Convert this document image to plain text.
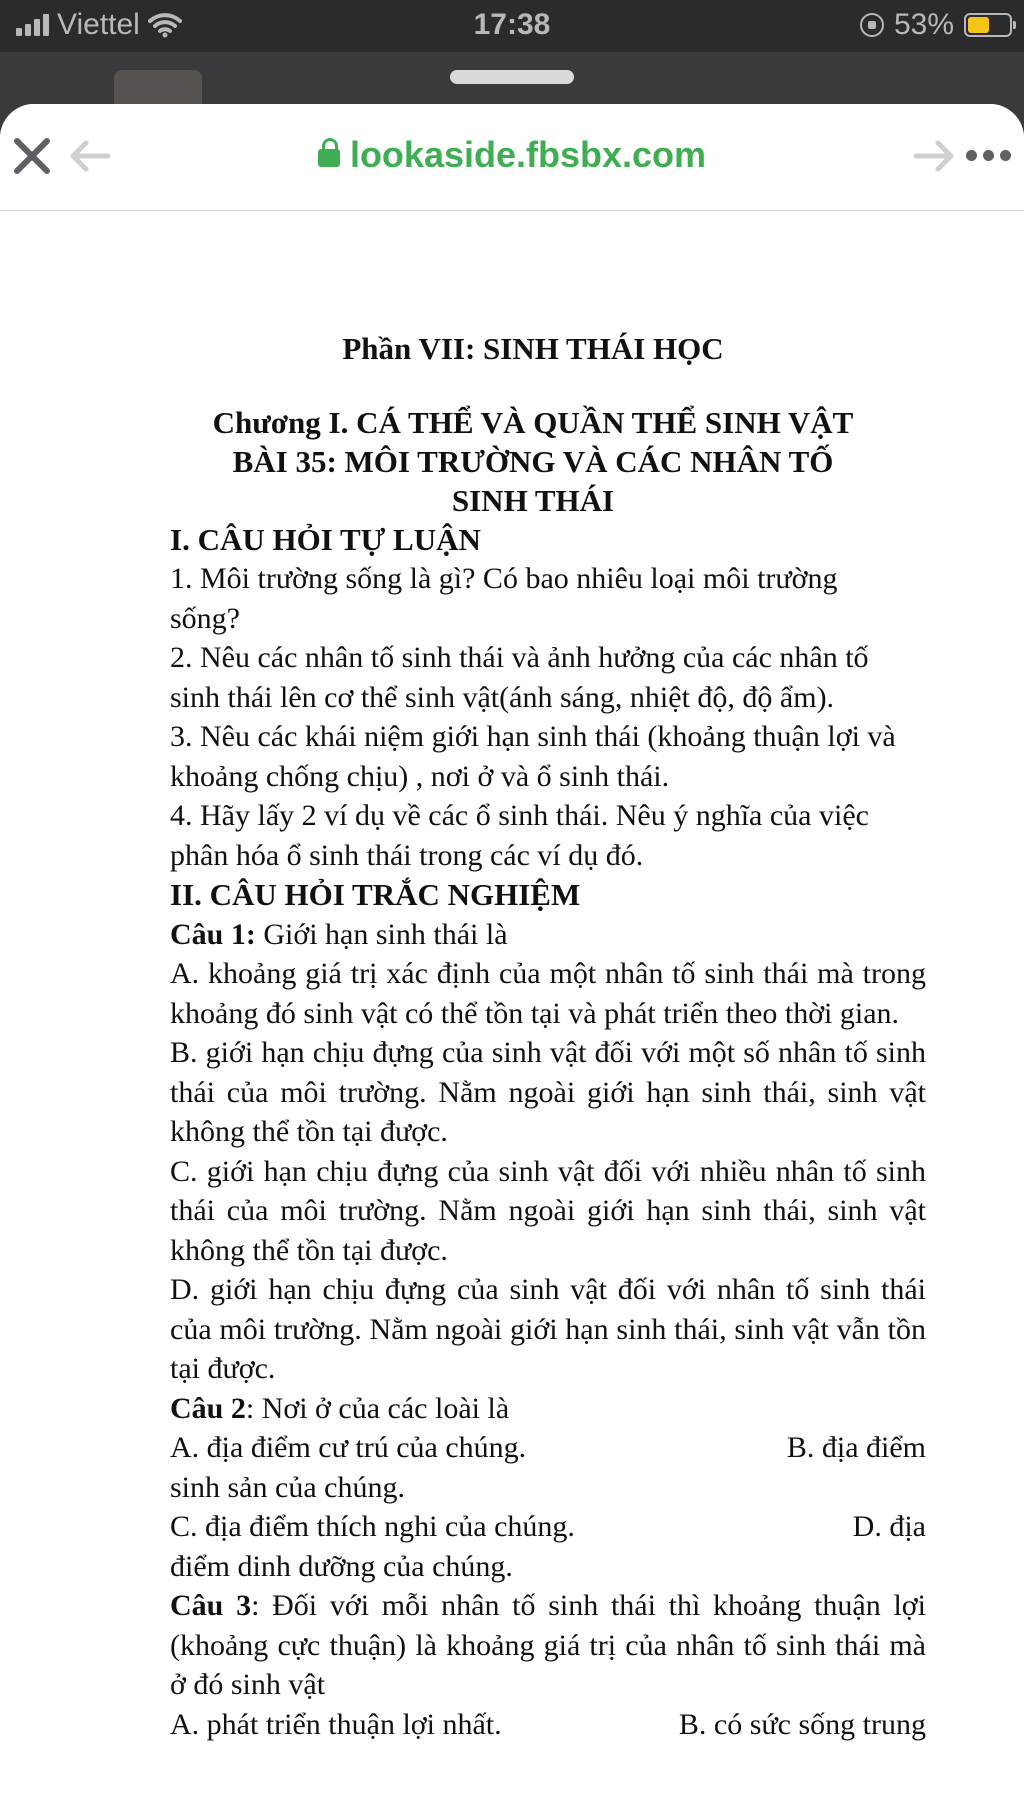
Viettel	17:38	53%
lookaside.fbsbx.com

Phần VII: SINH THÁI HỌC

Chương I. CÁ THỂ VÀ QUẦN THỂ SINH VẬT

BÀI 35: MÔI TRƯỜNG VÀ CÁC NHÂN TỐ

SINH THÁI

I. CÂU HỎI TỰ LUẬN

1. Môi trường sống là gì? Có bao nhiêu loại môi trường sống?

2. Nêu các nhân tố sinh thái và ảnh hưởng của các nhân tố sinh thái lên cơ thể sinh vật(ánh sáng, nhiệt độ, độ ẩm).

3. Nêu các khái niệm giới hạn sinh thái (khoảng thuận lợi và khoảng chống chịu) , nơi ở và ổ sinh thái.

4. Hãy lấy 2 ví dụ về các ổ sinh thái. Nêu ý nghĩa của việc phân hóa ổ sinh thái trong các ví dụ đó.

II. CÂU HỎI TRẮC NGHIỆM

Câu 1: Giới hạn sinh thái là

A. khoảng giá trị xác định của một nhân tố sinh thái mà trong khoảng đó sinh vật có thể tồn tại và phát triển theo thời gian.

B. giới hạn chịu đựng của sinh vật đối với một số nhân tố sinh thái của môi trường. Nằm ngoài giới hạn sinh thái, sinh vật không thể tồn tại được.

C. giới hạn chịu đựng của sinh vật đối với nhiều nhân tố sinh thái của môi trường. Nằm ngoài giới hạn sinh thái, sinh vật không thể tồn tại được.

D. giới hạn chịu đựng của sinh vật đối với nhân tố sinh thái của môi trường. Nằm ngoài giới hạn sinh thái, sinh vật vẫn tồn tại được.

Câu 2: Nơi ở của các loài là

A. địa điểm cư trú của chúng.	B. địa điểm

sinh sản của chúng.

C. địa điểm thích nghi của chúng.	D. địa

điểm dinh dưỡng của chúng.

Câu 3: Đối với mỗi nhân tố sinh thái thì khoảng thuận lợi (khoảng cực thuận) là khoảng giá trị của nhân tố sinh thái mà ở đó sinh vật

A. phát triển thuận lợi nhất.	B. có sức sống trung
